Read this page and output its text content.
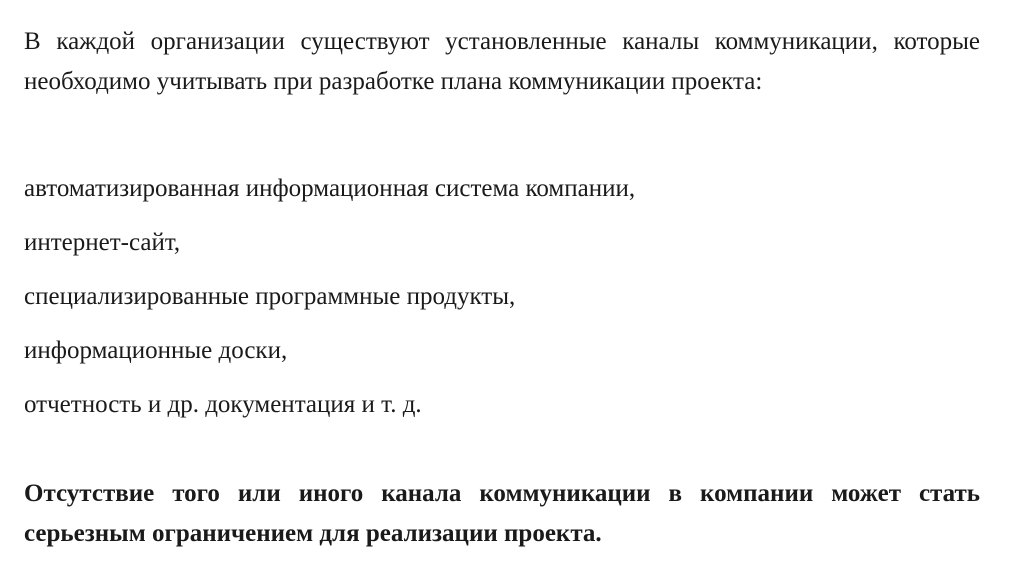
В каждой организации существуют установленные каналы коммуникации, которые необходимо учитывать при разработке плана коммуникации проекта:

автоматизированная информационная система компании,
интернет-сайт,
специализированные программные продукты,
информационные доски,
отчетность и др. документация и т. д.

Отсутствие того или иного канала коммуникации в компании может стать серьезным ограничением для реализации проекта.
